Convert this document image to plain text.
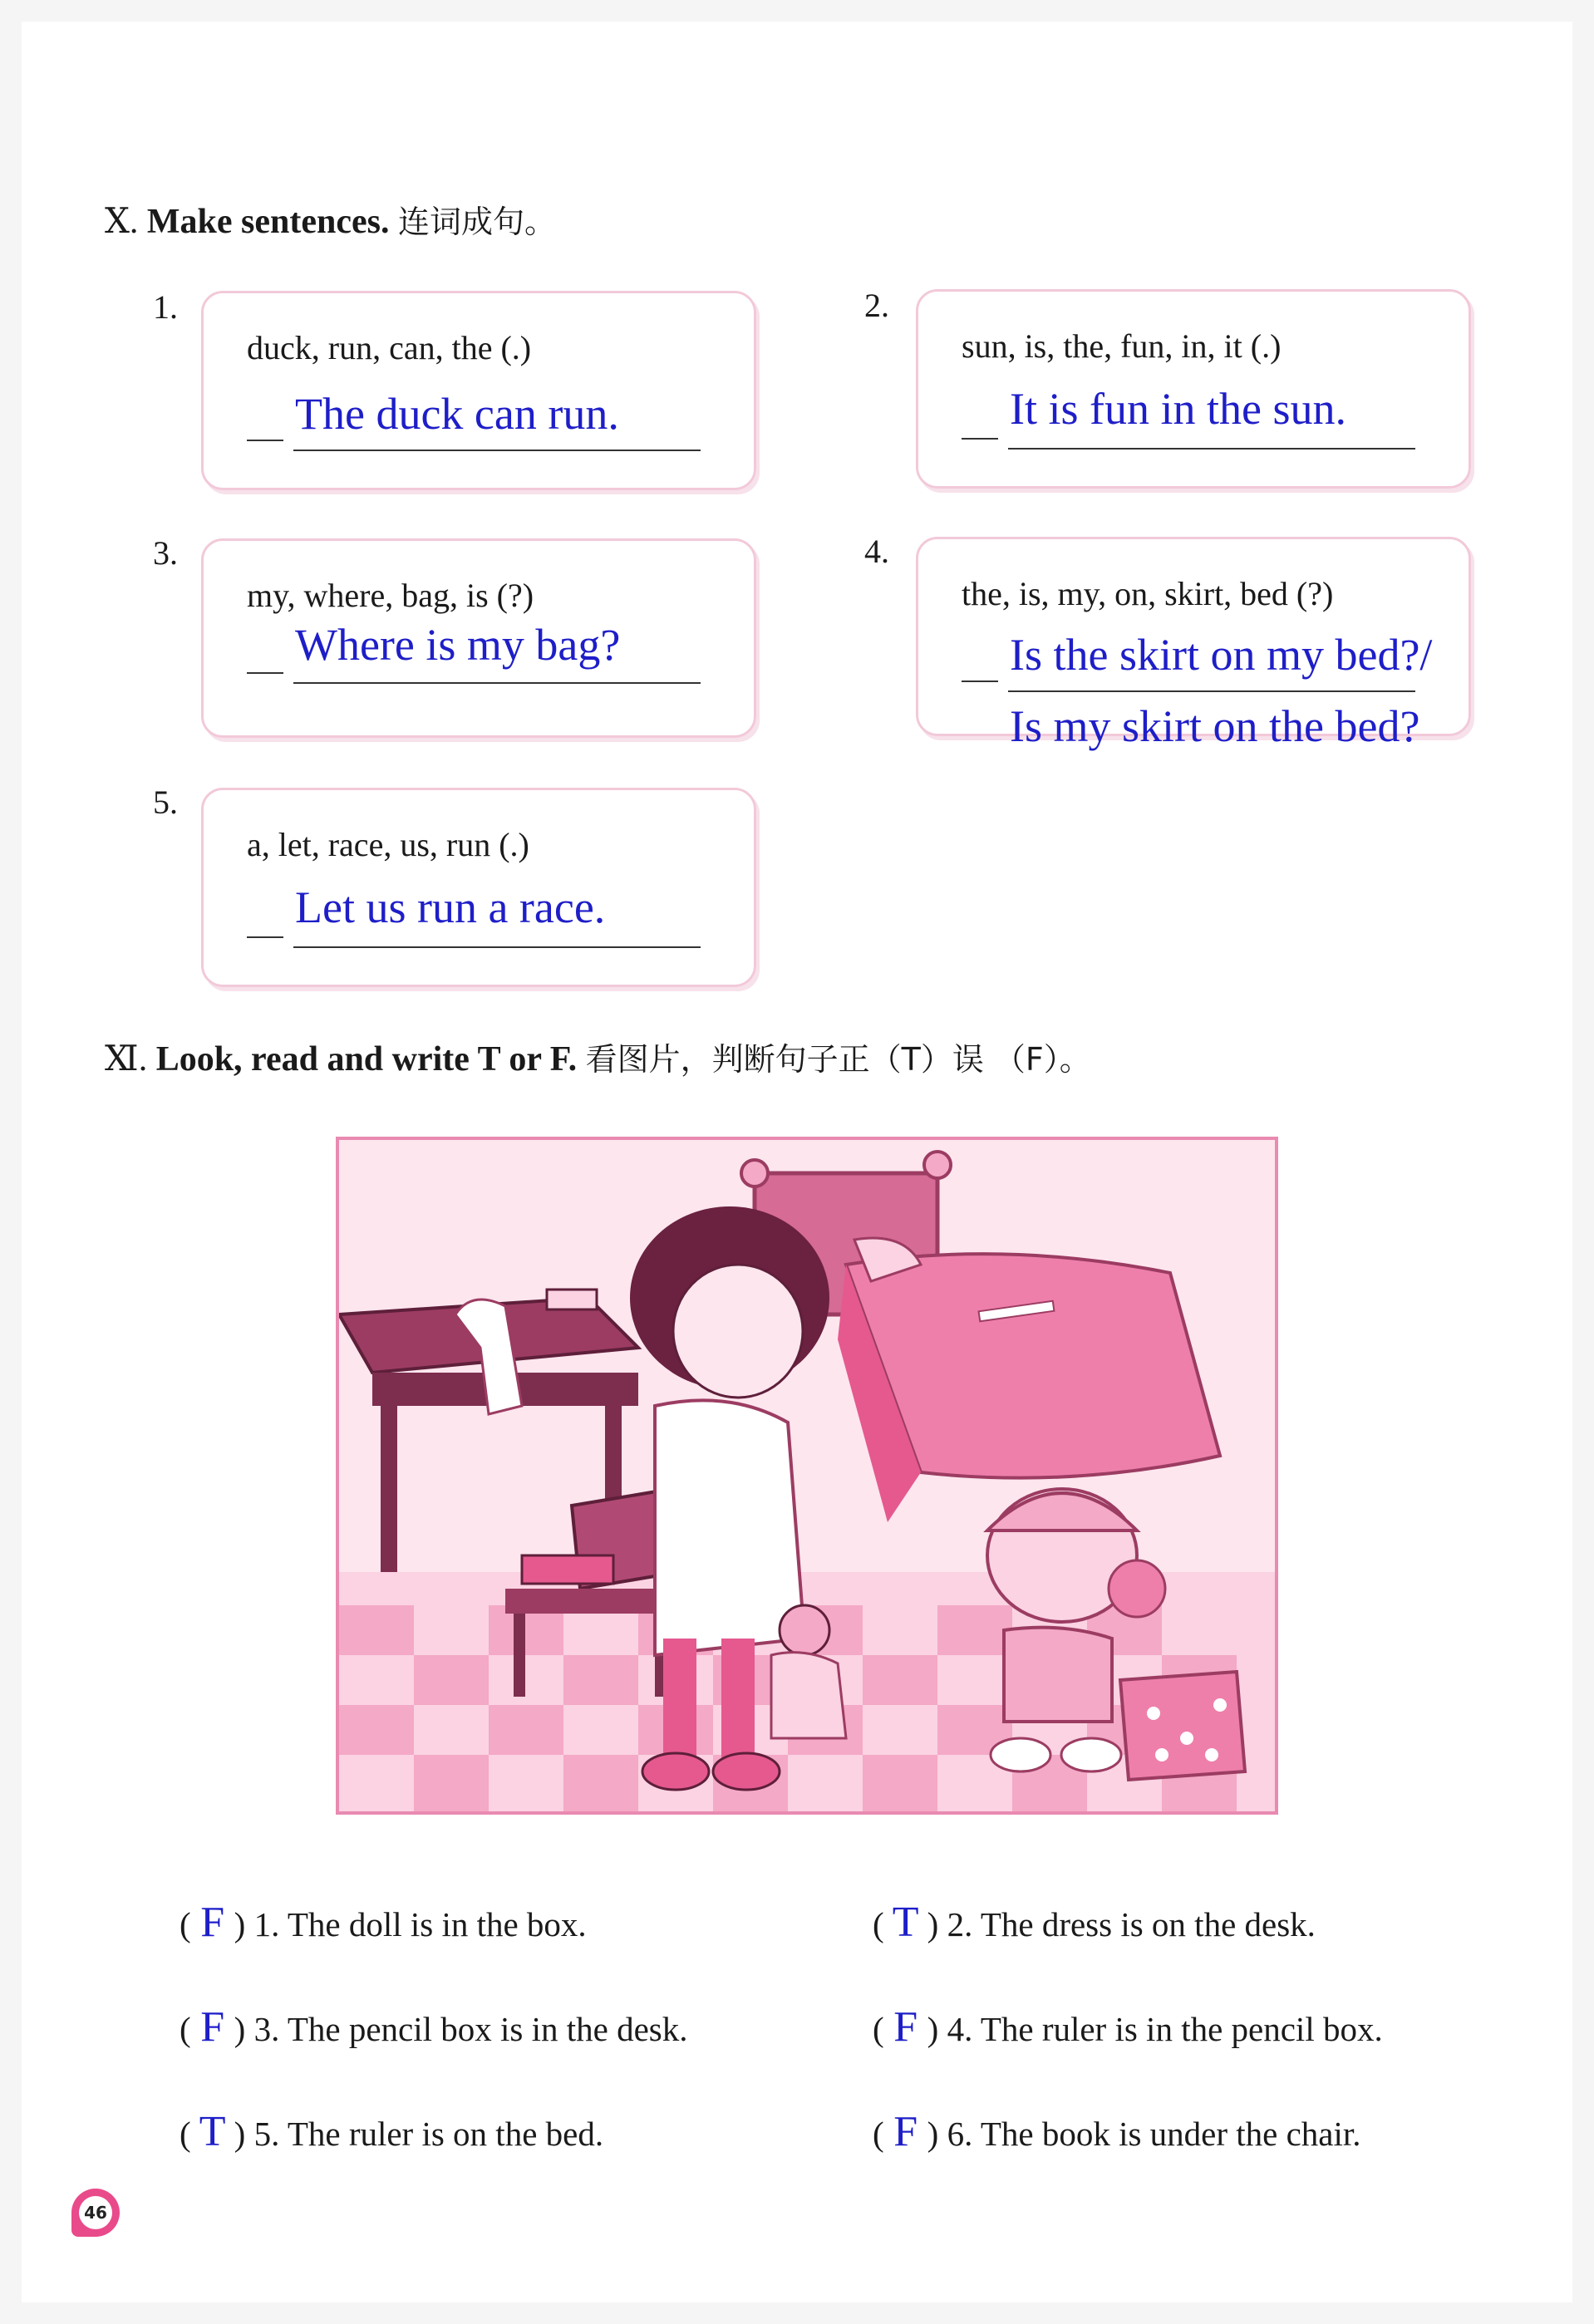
Ⅹ. Make sentences. 连词成句。
1.
duck, run, can, the (.)
The duck can run.
2.
sun, is, the, fun, in, it (.)
It is fun in the sun.
3.
my, where, bag, is (?)
Where is my bag?
4.
the, is, my, on, skirt, bed (?)
Is the skirt on my bed?/
Is my skirt on the bed?
5.
a, let, race, us, run (.)
Let us run a race.
Ⅺ. Look, read and write T or F. 看图片，判断句子正（T）误 （F）。
( F ) 1. The doll is in the box.	( T ) 2. The dress is on the desk.
( F ) 3. The pencil box is in the desk.	( F ) 4. The ruler is in the pencil box.
( T ) 5. The ruler is on the bed.	( F ) 6. The book is under the chair.
46
